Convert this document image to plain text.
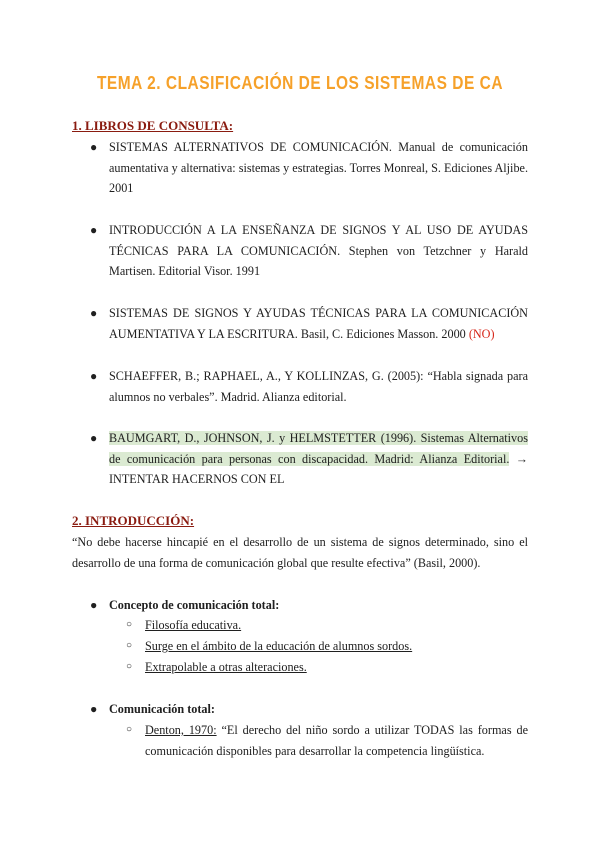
TEMA 2. CLASIFICACIÓN DE LOS SISTEMAS DE CA
1. LIBROS DE CONSULTA:
● SISTEMAS ALTERNATIVOS DE COMUNICACIÓN. Manual de comunicación aumentativa y alternativa: sistemas y estrategias. Torres Monreal, S. Ediciones Aljibe. 2001
● INTRODUCCIÓN A LA ENSEÑANZA DE SIGNOS Y AL USO DE AYUDAS TÉCNICAS PARA LA COMUNICACIÓN. Stephen von Tetzchner y Harald Martisen. Editorial Visor. 1991
● SISTEMAS DE SIGNOS Y AYUDAS TÉCNICAS PARA LA COMUNICACIÓN AUMENTATIVA Y LA ESCRITURA. Basil, C. Ediciones Masson. 2000 (NO)
● SCHAEFFER, B.; RAPHAEL, A., Y KOLLINZAS, G. (2005): “Habla signada para alumnos no verbales”. Madrid. Alianza editorial.
● BAUMGART, D., JOHNSON, J. y HELMSTETTER (1996). Sistemas Alternativos de comunicación para personas con discapacidad. Madrid: Alianza Editorial. → INTENTAR HACERNOS CON EL
2. INTRODUCCIÓN:
“No debe hacerse hincapié en el desarrollo de un sistema de signos determinado, sino el desarrollo de una forma de comunicación global que resulte efectiva” (Basil, 2000).
● Concepto de comunicación total:
○ Filosofía educativa.
○ Surge en el ámbito de la educación de alumnos sordos.
○ Extrapolable a otras alteraciones.
● Comunicación total:
○ Denton, 1970: “El derecho del niño sordo a utilizar TODAS las formas de comunicación disponibles para desarrollar la competencia lingüística.
